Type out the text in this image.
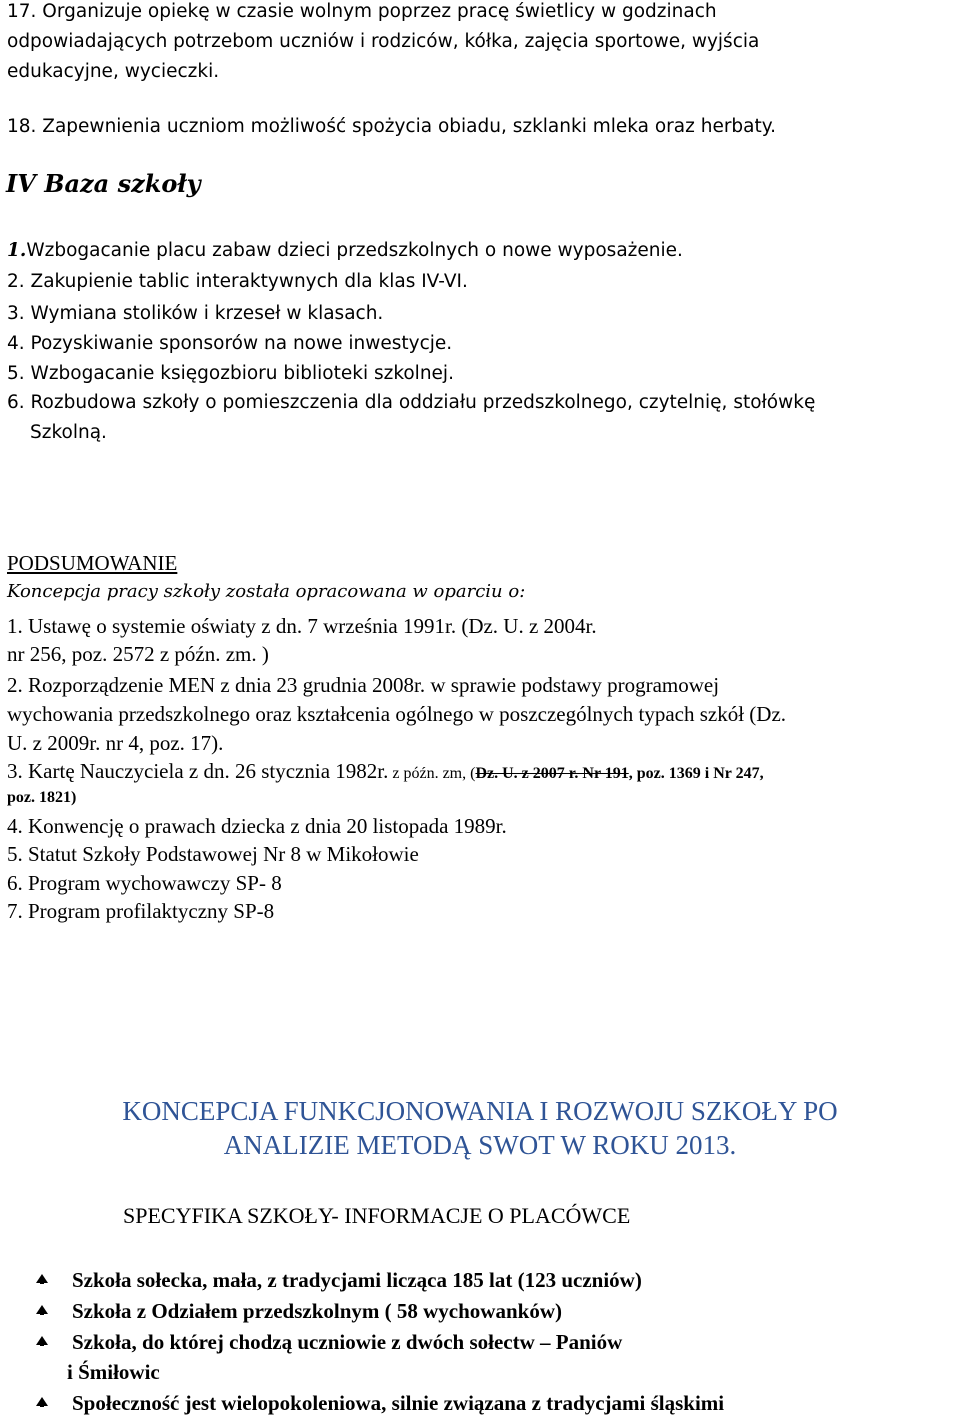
17. Organizuje opiekę w czasie wolnym poprzez pracę świetlicy w godzinach
odpowiadających potrzebom uczniów i rodziców, kółka, zajęcia sportowe, wyjścia
edukacyjne, wycieczki.
18. Zapewnienia uczniom możliwość spożycia obiadu, szklanki mleka oraz herbaty.
IV Baza szkoły
1.Wzbogacanie placu zabaw dzieci przedszkolnych o nowe wyposażenie.
2. Zakupienie tablic interaktywnych dla klas IV-VI.
3. Wymiana stolików i krzeseł w klasach.
4. Pozyskiwanie sponsorów na nowe inwestycje.
5. Wzbogacanie księgozbioru biblioteki szkolnej.
6. Rozbudowa szkoły o pomieszczenia dla oddziału przedszkolnego, czytelnię, stołówkę
Szkolną.
PODSUMOWANIE
Koncepcja pracy szkoły została opracowana w oparciu o:
1. Ustawę o systemie oświaty z dn. 7 września 1991r. (Dz. U. z 2004r.
nr 256, poz. 2572 z późn. zm. )
2. Rozporządzenie MEN z dnia 23 grudnia 2008r. w sprawie podstawy programowej
wychowania przedszkolnego oraz kształcenia ogólnego w poszczególnych typach szkół (Dz.
U. z 2009r. nr 4, poz. 17).
3. Kartę Nauczyciela z dn. 26 stycznia 1982r. z późn. zm, (Dz. U. z 2007 r. Nr 191, poz. 1369 i Nr 247,
poz. 1821)
4. Konwencję o prawach dziecka z dnia 20 listopada 1989r.
5. Statut Szkoły Podstawowej Nr 8 w Mikołowie
6. Program wychowawczy SP- 8
7. Program profilaktyczny SP-8
KONCEPCJA FUNKCJONOWANIA I ROZWOJU SZKOŁY PO
ANALIZIE METODĄ SWOT W ROKU 2013.
SPECYFIKA SZKOŁY- INFORMACJE O PLACÓWCE
Szkoła sołecka, mała, z tradycjami licząca 185 lat (123 uczniów)
Szkoła z Odziałem przedszkolnym ( 58 wychowanków)
Szkoła, do której chodzą uczniowie z dwóch sołectw – Paniów
i Śmiłowic
Społeczność jest wielopokoleniowa, silnie związana z tradycjami śląskimi
